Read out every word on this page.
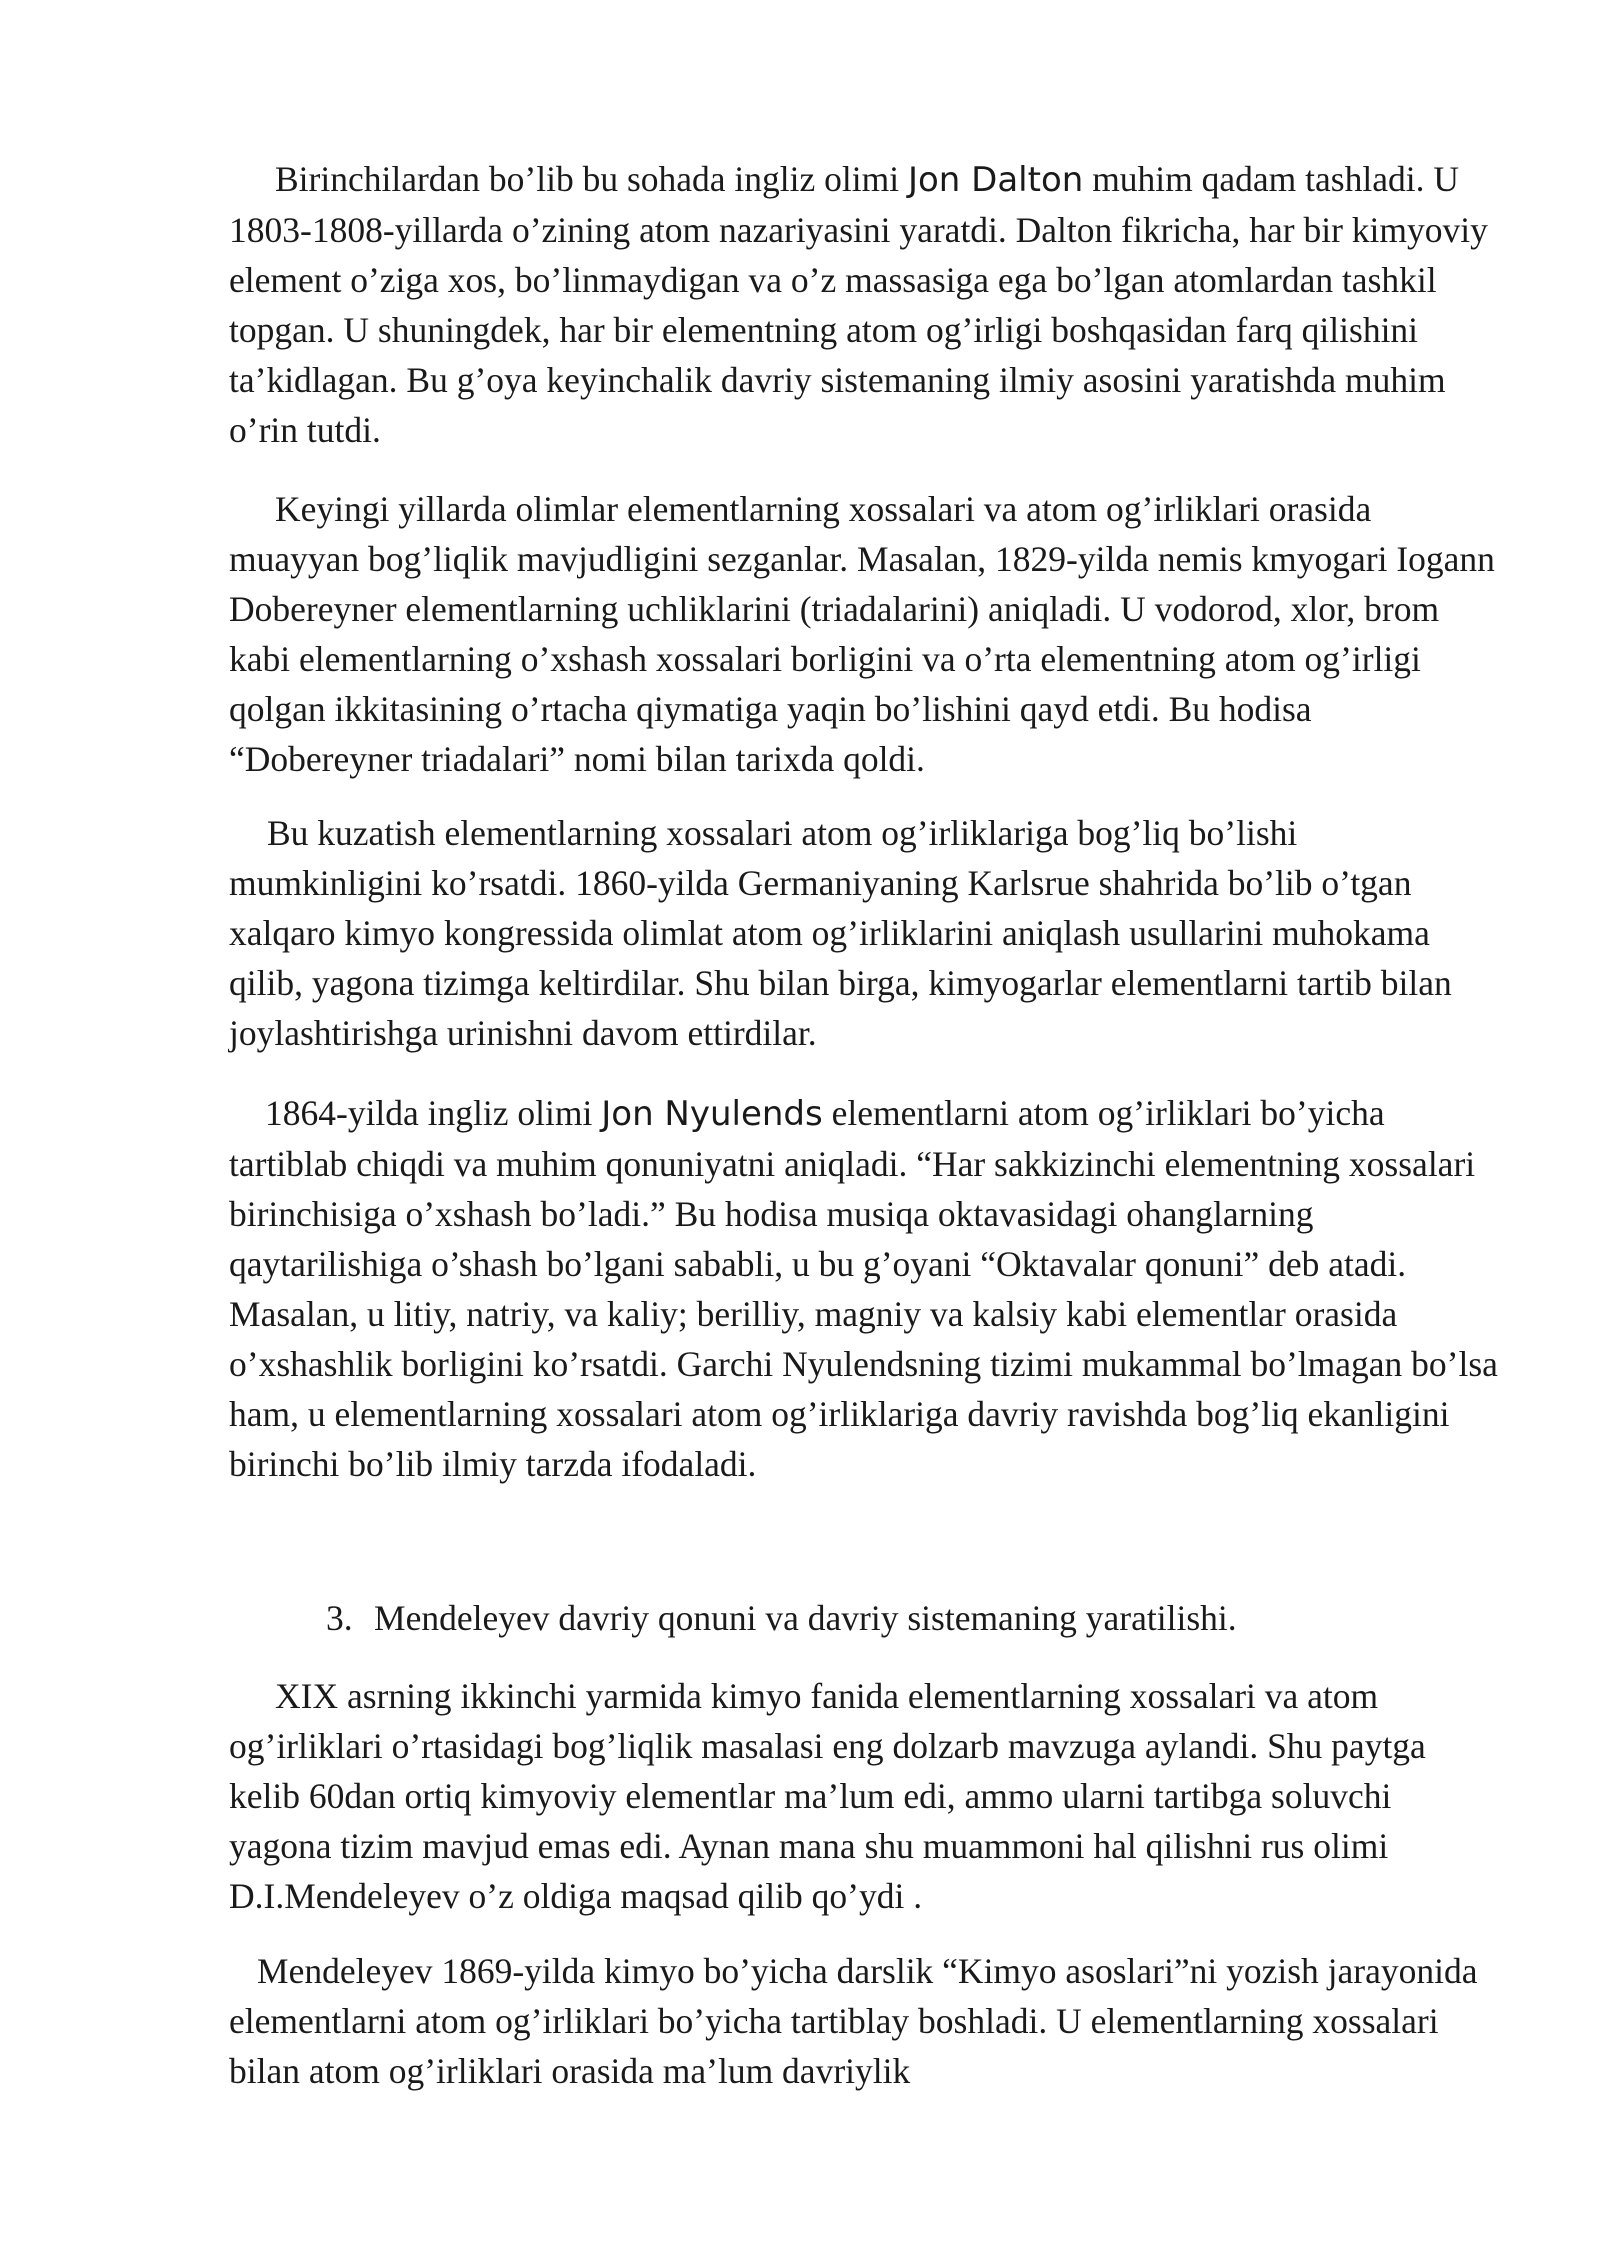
Birinchilardan bo’lib bu sohada ingliz olimi Jon Dalton muhim qadam tashladi. U 1803-1808-yillarda o’zining atom nazariyasini yaratdi. Dalton fikricha, har bir kimyoviy element o’ziga xos, bo’linmaydigan va o’z massasiga ega bo’lgan atomlardan tashkil topgan. U shuningdek, har bir elementning atom og’irligi boshqasidan farq qilishini ta’kidlagan. Bu g’oya keyinchalik davriy sistemaning ilmiy asosini yaratishda muhim o’rin tutdi.

Keyingi yillarda olimlar elementlarning xossalari va atom og’irliklari orasida muayyan bog’liqlik mavjudligini sezganlar. Masalan, 1829-yilda nemis kmyogari Iogann Dobereyner elementlarning uchliklarini (triadalarini) aniqladi. U vodorod, xlor, brom kabi elementlarning o’xshash xossalari borligini va o’rta elementning atom og’irligi qolgan ikkitasining o’rtacha qiymatiga yaqin bo’lishini qayd etdi. Bu hodisa “Dobereyner triadalari” nomi bilan tarixda qoldi.

Bu kuzatish elementlarning xossalari atom og’irliklariga bog’liq bo’lishi mumkinligini ko’rsatdi. 1860-yilda Germaniyaning Karlsrue shahrida bo’lib o’tgan xalqaro kimyo kongressida olimlat atom og’irliklarini aniqlash usullarini muhokama qilib, yagona tizimga keltirdilar. Shu bilan birga, kimyogarlar elementlarni tartib bilan joylashtirishga urinishni davom ettirdilar.

1864-yilda ingliz olimi Jon Nyulends elementlarni atom og’irliklari bo’yicha tartiblab chiqdi va muhim qonuniyatni aniqladi. “Har sakkizinchi elementning xossalari birinchisiga o’xshash bo’ladi.” Bu hodisa musiqa oktavasidagi ohanglarning qaytarilishiga o’shash bo’lgani sababli, u bu g’oyani “Oktavalar qonuni” deb atadi. Masalan, u litiy, natriy, va kaliy; berilliy, magniy va kalsiy kabi elementlar orasida o’xshashlik borligini ko’rsatdi. Garchi Nyulendsning tizimi mukammal bo’lmagan bo’lsa ham, u elementlarning xossalari atom og’irliklariga davriy ravishda bog’liq ekanligini birinchi bo’lib ilmiy tarzda ifodaladi.

3. Mendeleyev davriy qonuni va davriy sistemaning yaratilishi.

XIX asrning ikkinchi yarmida kimyo fanida elementlarning xossalari va atom og’irliklari o’rtasidagi bog’liqlik masalasi eng dolzarb mavzuga aylandi. Shu paytga kelib 60dan ortiq kimyoviy elementlar ma’lum edi, ammo ularni tartibga soluvchi yagona tizim mavjud emas edi. Aynan mana shu muammoni hal qilishni rus olimi D.I.Mendeleyev o’z oldiga maqsad qilib qo’ydi .

Mendeleyev 1869-yilda kimyo bo’yicha darslik “Kimyo asoslari”ni yozish jarayonida elementlarni atom og’irliklari bo’yicha tartiblay boshladi. U elementlarning xossalari bilan atom og’irliklari orasida ma’lum davriylik
